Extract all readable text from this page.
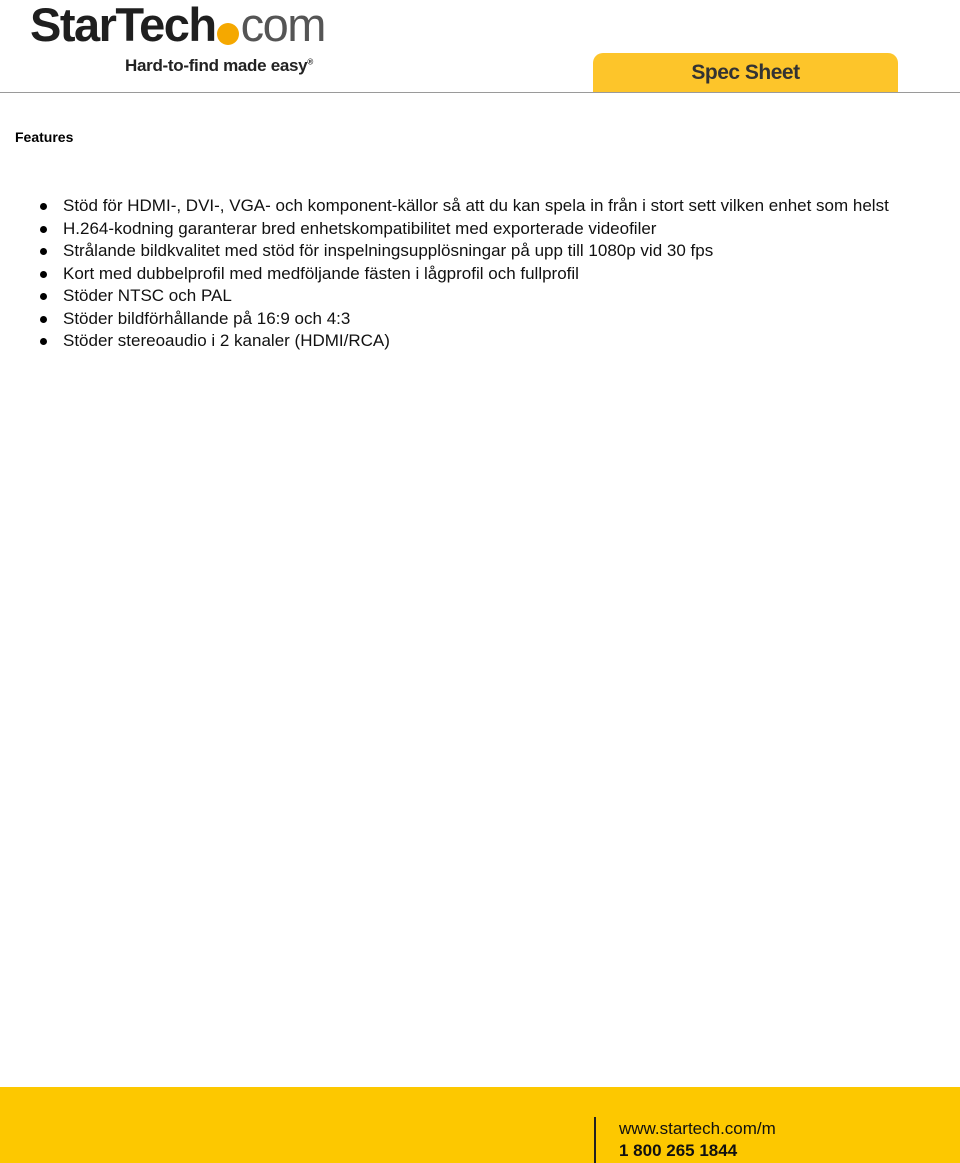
StarTech com
Hard-to-find made easy®	Spec Sheet
Features
Stöd för HDMI-, DVI-, VGA- och komponent-källor så att du kan spela in från i stort sett vilken enhet som helst
H.264-kodning garanterar bred enhetskompatibilitet med exporterade videofiler
Strålande bildkvalitet med stöd för inspelningsupplösningar på upp till 1080p vid 30 fps
Kort med dubbelprofil med medföljande fästen i lågprofil och fullprofil
Stöder NTSC och PAL
Stöder bildförhållande på 16:9 och 4:3
Stöder stereoaudio i 2 kanaler (HDMI/RCA)
www.startech.com/m
1 800 265 1844
